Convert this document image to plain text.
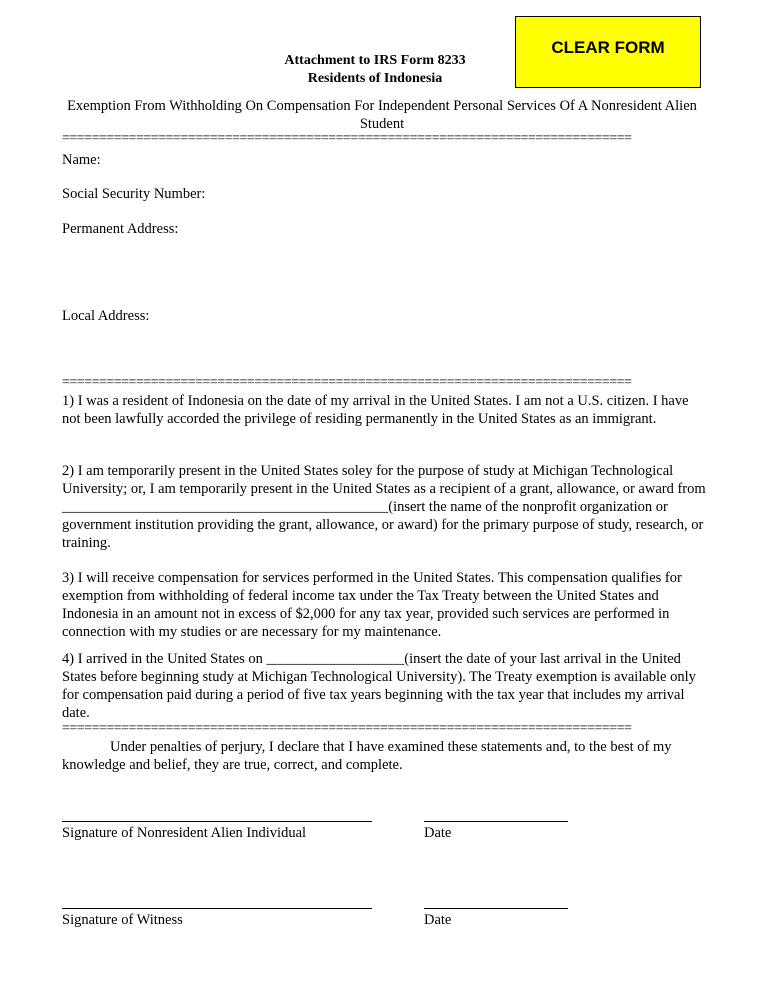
Attachment to IRS Form 8233
Residents of Indonesia
CLEAR FORM
Exemption From Withholding On Compensation For Independent Personal Services Of A Nonresident Alien Student
=============================================================================
Name:
Social Security Number:
Permanent Address:
Local Address:
=============================================================================
1) I was a resident of Indonesia on the date of my arrival in the United States. I am not a U.S. citizen. I have not been lawfully accorded the privilege of residing permanently in the United States as an immigrant.
2) I am temporarily present in the United States soley for the purpose of study at Michigan Technological University; or, I am temporarily present in the United States as a recipient of a grant, allowance, or award from _____________________________________________(insert the name of the nonprofit organization or government institution providing the grant, allowance, or award) for the primary purpose of study, research, or training.
3) I will receive compensation for services performed in the United States. This compensation qualifies for exemption from withholding of federal income tax under the Tax Treaty between the United States and Indonesia in an amount not in excess of $2,000 for any tax year, provided such services are performed in connection with my studies or are necessary for my maintenance.
4) I arrived in the United States on ___________________(insert the date of your last arrival in the United States before beginning study at Michigan Technological University). The Treaty exemption is available only for compensation paid during a period of five tax years beginning with the tax year that includes my arrival date.
=============================================================================
Under penalties of perjury, I declare that I have examined these statements and, to the best of my knowledge and belief, they are true, correct, and complete.
Signature of Nonresident Alien Individual	Date
Signature of Witness	Date
